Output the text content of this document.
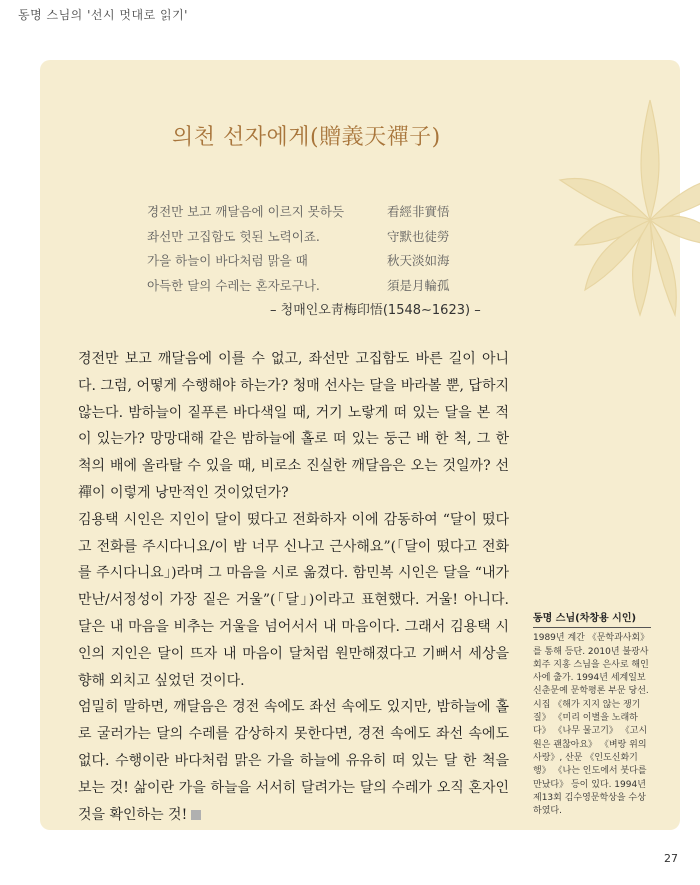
동명 스님의 '선시 멋대로 읽기'
의천 선자에게(贈義天禪子)
경전만 보고 깨달음에 이르지 못하듯	看經非實悟
좌선만 고집함도 헛된 노력이죠.	守默也徒勞
가을 하늘이 바다처럼 맑을 때	秋天淡如海
아득한 달의 수레는 혼자로구나.	須是月輪孤
– 청매인오靑梅印悟(1548∼1623) –

경전만 보고 깨달음에 이를 수 없고, 좌선만 고집함도 바른 길이 아니다. 그럼, 어떻게 수행해야 하는가? 청매 선사는 달을 바라볼 뿐, 답하지 않는다. 밤하늘이 짙푸른 바다색일 때, 거기 노랗게 떠 있는 달을 본 적이 있는가? 망망대해 같은 밤하늘에 홀로 떠 있는 둥근 배 한 척, 그 한 척의 배에 올라탈 수 있을 때, 비로소 진실한 깨달음은 오는 것일까? 선禪이 이렇게 낭만적인 것이었던가?

김용택 시인은 지인이 달이 떴다고 전화하자 이에 감동하여 “달이 떴다고 전화를 주시다니요/이 밤 너무 신나고 근사해요”(「달이 떴다고 전화를 주시다니요」)라며 그 마음을 시로 옮겼다. 함민복 시인은 달을 “내가 만난/서정성이 가장 짙은 거울”(「달」)이라고 표현했다. 거울! 아니다. 달은 내 마음을 비추는 거울을 넘어서서 내 마음이다. 그래서 김용택 시인의 지인은 달이 뜨자 내 마음이 달처럼 원만해졌다고 기뻐서 세상을 향해 외치고 싶었던 것이다.

엄밀히 말하면, 깨달음은 경전 속에도 좌선 속에도 있지만, 밤하늘에 홀로 굴러가는 달의 수레를 감상하지 못한다면, 경전 속에도 좌선 속에도 없다. 수행이란 바다처럼 맑은 가을 하늘에 유유히 떠 있는 달 한 척을 보는 것! 삶이란 가을 하늘을 서서히 달려가는 달의 수레가 오직 혼자인 것을 확인하는 것!

동명 스님(차창용 시인)
1989년 계간 《문학과사회》를 통해 등단. 2010년 불광사 회주 지홍 스님을 은사로 해인사에 출가. 1994년 세계일보 신춘문예 문학평론 부문 당선. 시집 《해가 지지 않는 쟁기질》 《미리 이별을 노래하다》 《나무 물고기》 《고시원은 괜찮아요》 《벼랑 위의 사랑》, 산문 《인도신화기행》 《나는 인도에서 붓다를 만났다》 등이 있다. 1994년 제13회 김수영문학상을 수상하였다.
27
